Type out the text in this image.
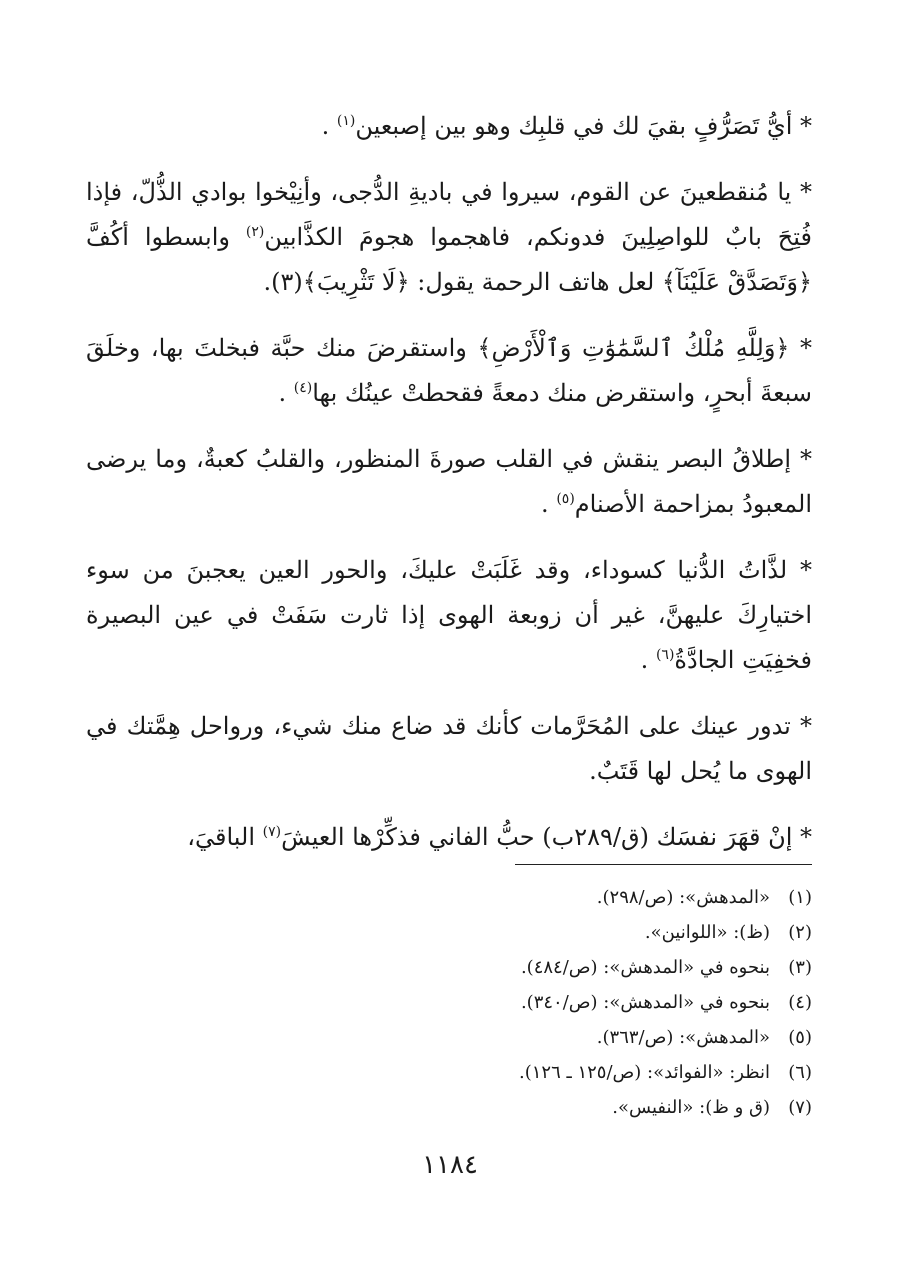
* أيُّ تَصَرُّفٍ بقيَ لك في قلبِك وهو بين إصبعين$^{(١)}$ .

* يا مُنقطعينَ عن القوم، سيروا في باديةِ الدُّجى، وأنِيْخوا بوادي الذُّلّ، فإذا فُتِحَ بابٌ للواصِلِينَ فدونكم، فاهجموا هجومَ الكذَّابين$^{(٢)}$ وابسطوا أكُفَّ ﴿وَتَصَدَّقْ عَلَيْنَآ﴾ لعل هاتف الرحمة يقول: ﴿لَا تَثْرِيبَ﴾(٣).

* ﴿وَلِلَّهِ مُلْكُ ٱلسَّمَٰوَٰتِ وَٱلْأَرْضِ﴾ واستقرضَ منك حبَّة فبخلتَ بها، وخلَقَ سبعةَ أبحرٍ، واستقرض منك دمعةً فقحطتْ عينُك بها$^{(٤)}$ .

* إطلاقُ البصر ينقش في القلب صورةَ المنظور، والقلبُ كعبةٌ، وما يرضى المعبودُ بمزاحمة الأصنام$^{(٥)}$ .

* لذَّاتُ الدُّنيا كسوداء، وقد غَلَبَتْ عليكَ، والحور العين يعجبنَ من سوء اختيارِكَ عليهنَّ، غير أن زوبعة الهوى إذا ثارت سَفَتْ في عين البصيرة فخفِيَتِ الجادَّةُ$^{(٦)}$ .

* تدور عينك على المُحَرَّمات كأنك قد ضاع منك شيء، ورواحل هِمَّتك في الهوى ما يُحل لها قَتَبٌ.

* إنْ قهَرَ نفسَك (ق/٢٨٩ب) حبُّ الفاني فذكِّرْها العيشَ$^{(٧)}$ الباقيَ،

(١)«المدهش»: (ص/٢٩٨).
(٢)(ظ): «اللوانين».
(٣)بنحوه في «المدهش»: (ص/٤٨٤).
(٤)بنحوه في «المدهش»: (ص/٣٤٠).
(٥)«المدهش»: (ص/٣٦٣).
(٦)انظر: «الفوائد»: (ص/١٢٥ ـ ١٢٦).
(٧)(ق و ظ): «النفيس».
١١٨٤
